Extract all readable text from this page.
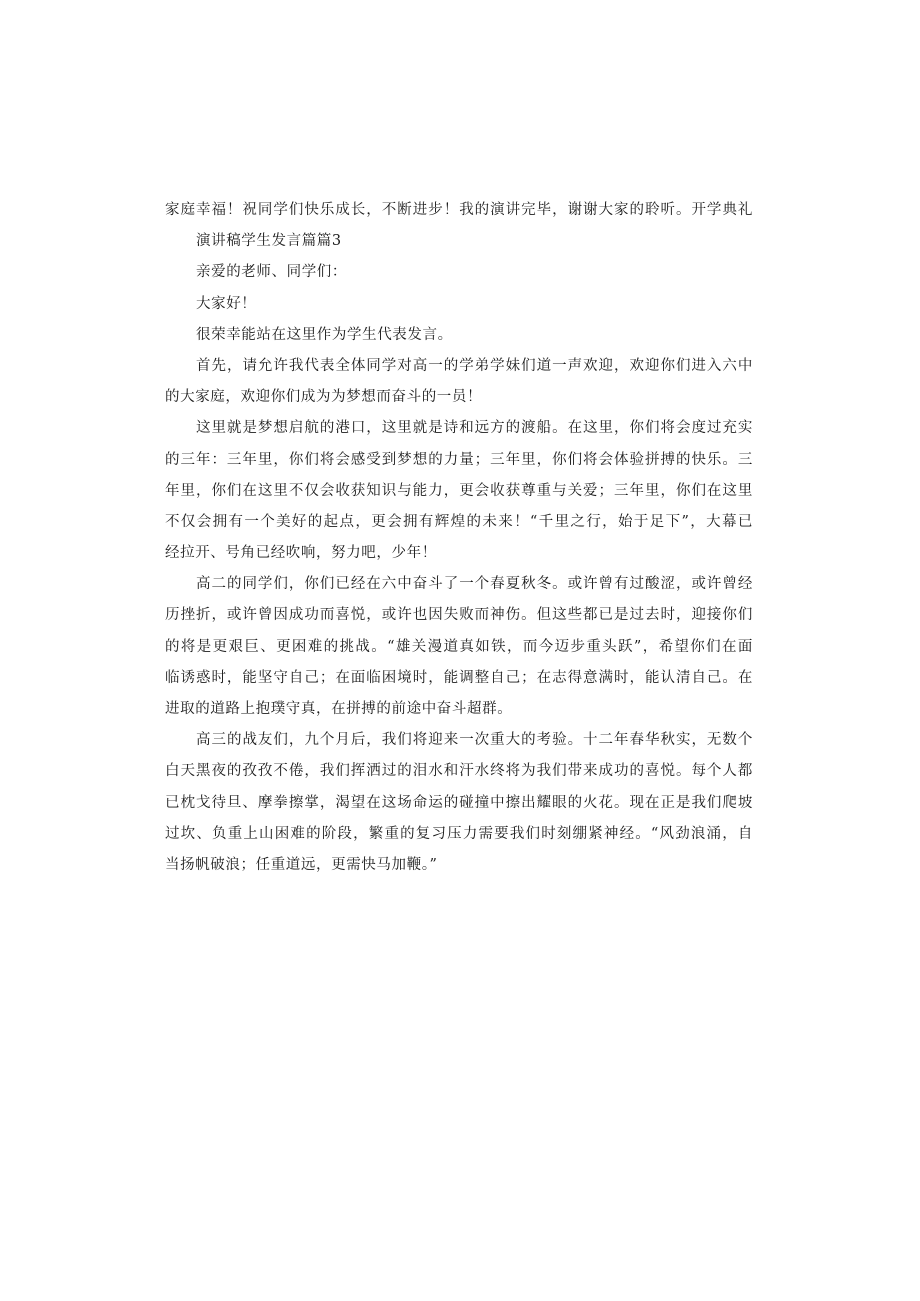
家庭幸福！祝同学们快乐成长，不断进步！我的演讲完毕，谢谢大家的聆听。开学典礼
演讲稿学生发言篇篇3
亲爱的老师、同学们：
大家好！
很荣幸能站在这里作为学生代表发言。
首先，请允许我代表全体同学对高一的学弟学妹们道一声欢迎，欢迎你们进入六中
的大家庭，欢迎你们成为为梦想而奋斗的一员！
这里就是梦想启航的港口，这里就是诗和远方的渡船。在这里，你们将会度过充实
的三年：三年里，你们将会感受到梦想的力量；三年里，你们将会体验拼搏的快乐。三
年里，你们在这里不仅会收获知识与能力，更会收获尊重与关爱；三年里，你们在这里
不仅会拥有一个美好的起点，更会拥有辉煌的未来！“千里之行，始于足下”，大幕已
经拉开、号角已经吹响，努力吧，少年！
高二的同学们，你们已经在六中奋斗了一个春夏秋冬。或许曾有过酸涩，或许曾经
历挫折，或许曾因成功而喜悦，或许也因失败而神伤。但这些都已是过去时，迎接你们
的将是更艰巨、更困难的挑战。“雄关漫道真如铁，而今迈步重头跃”，希望你们在面
临诱惑时，能坚守自己；在面临困境时，能调整自己；在志得意满时，能认清自己。在
进取的道路上抱璞守真，在拼搏的前途中奋斗超群。
高三的战友们，九个月后，我们将迎来一次重大的考验。十二年春华秋实，无数个
白天黑夜的孜孜不倦，我们挥洒过的泪水和汗水终将为我们带来成功的喜悦。每个人都
已枕戈待旦、摩拳擦掌，渴望在这场命运的碰撞中擦出耀眼的火花。现在正是我们爬坡
过坎、负重上山困难的阶段，繁重的复习压力需要我们时刻绷紧神经。“风劲浪涌，自
当扬帆破浪；任重道远，更需快马加鞭。”
